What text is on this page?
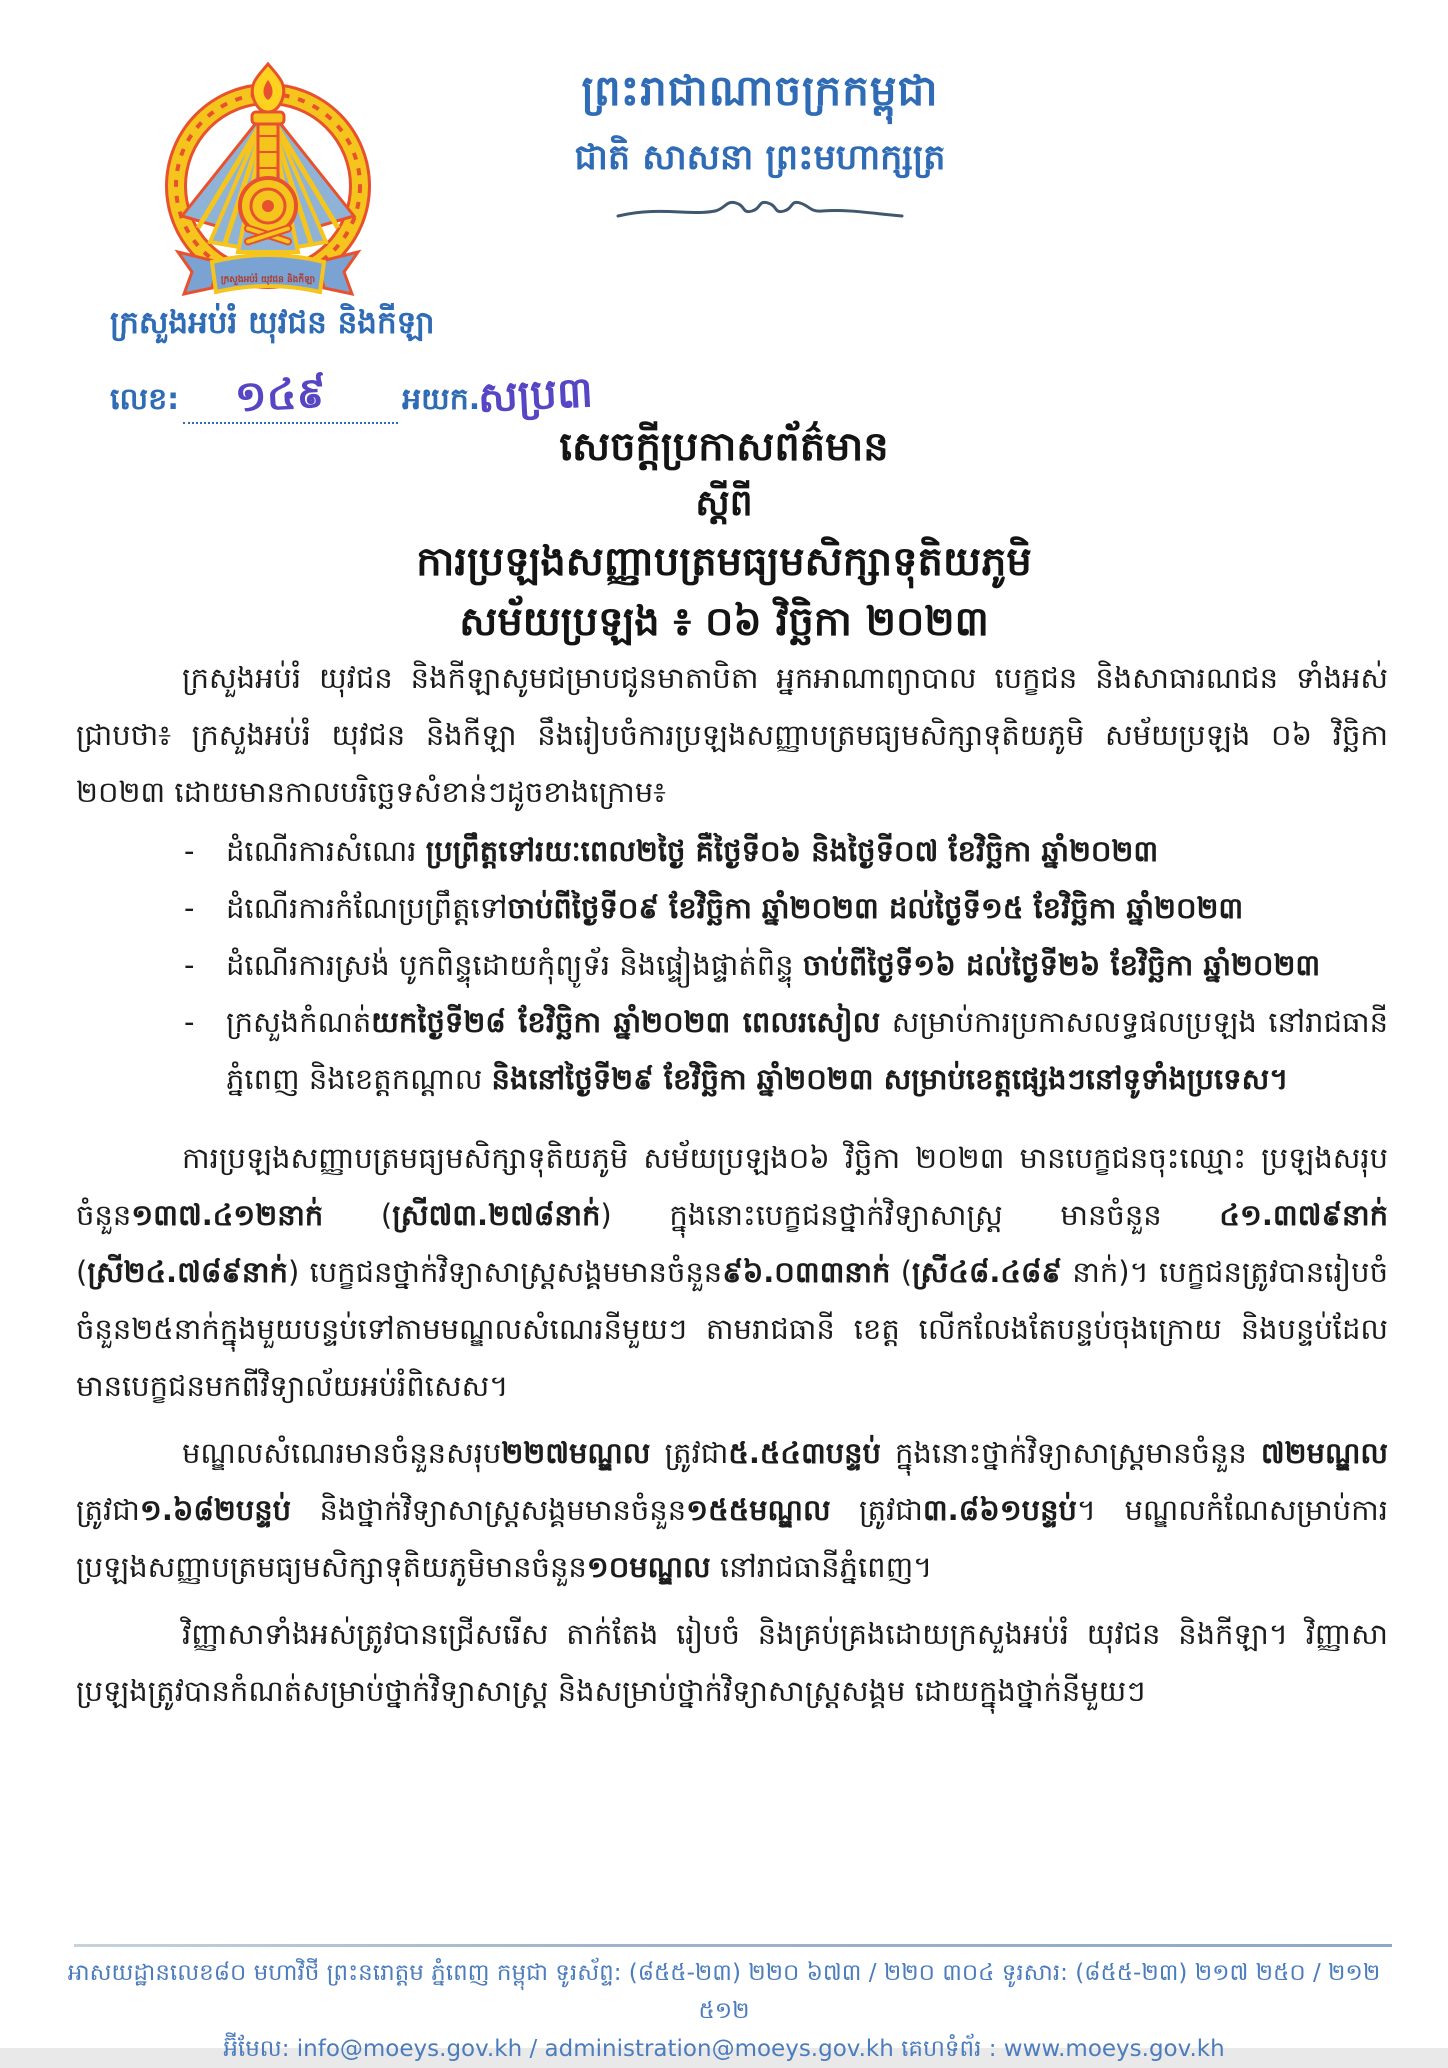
ក្រសួងអប់រំ យុវជន និងកីឡា
ព្រះរាជាណាចក្រកម្ពុជា
ជាតិ សាសនា ព្រះមហាក្សត្រ
ក្រសួងអប់រំ យុវជន និងកីឡា
លេខ: ១៤៩ អយក.
សប្រ៣
សេចក្តីប្រកាសព័ត៌មាន
ស្តីពី
ការប្រឡងសញ្ញាបត្រមធ្យមសិក្សាទុតិយភូមិ
សម័យប្រឡង ៖ ០៦ វិច្ឆិកា ២០២៣

ក្រសួងអប់រំ យុវជន និងកីឡាសូមជម្រាបជូនមាតាបិតា អ្នកអាណាព្យាបាល បេក្ខជន និងសាធារណជន ទាំងអស់ជ្រាបថា៖ ក្រសួងអប់រំ យុវជន និងកីឡា នឹងរៀបចំការប្រឡងសញ្ញាបត្រមធ្យមសិក្សាទុតិយភូមិ សម័យប្រឡង ០៦ វិច្ឆិកា ២០២៣ ដោយមានកាលបរិច្ឆេទសំខាន់ៗដូចខាងក្រោម៖

- ដំណើរការសំណេរ ប្រព្រឹត្តទៅរយៈពេល២ថ្ងៃ គឺថ្ងៃទី០៦ និងថ្ងៃទី០៧ ខែវិច្ឆិកា ឆ្នាំ២០២៣
- ដំណើរការកំណែប្រព្រឹត្តទៅចាប់ពីថ្ងៃទី០៩ ខែវិច្ឆិកា ឆ្នាំ២០២៣ ដល់ថ្ងៃទី១៥ ខែវិច្ឆិកា ឆ្នាំ២០២៣
- ដំណើរការស្រង់ បូកពិន្ទុដោយកុំព្យូទ័រ និងផ្ទៀងផ្ទាត់ពិន្ទុ ចាប់ពីថ្ងៃទី១៦ ដល់ថ្ងៃទី២៦ ខែវិច្ឆិកា ឆ្នាំ២០២៣
- ក្រសួងកំណត់យកថ្ងៃទី២៨ ខែវិច្ឆិកា ឆ្នាំ២០២៣ ពេលរសៀល សម្រាប់ការប្រកាសលទ្ធផលប្រឡង នៅរាជធានីភ្នំពេញ និងខេត្តកណ្តាល និងនៅថ្ងៃទី២៩ ខែវិច្ឆិកា ឆ្នាំ២០២៣ សម្រាប់ខេត្តផ្សេងៗនៅទូទាំងប្រទេស។

ការប្រឡងសញ្ញាបត្រមធ្យមសិក្សាទុតិយភូមិ សម័យប្រឡង០៦ វិច្ឆិកា ២០២៣ មានបេក្ខជនចុះឈ្មោះ ប្រឡងសរុបចំនួន១៣៧.៤១២នាក់ (ស្រី៧៣.២៧៨នាក់) ក្នុងនោះបេក្ខជនថ្នាក់វិទ្យាសាស្ត្រ មានចំនួន ៤១.៣៧៩នាក់ (ស្រី២៤.៧៨៩នាក់) បេក្ខជនថ្នាក់វិទ្យាសាស្ត្រសង្គមមានចំនួន៩៦.០៣៣នាក់ (ស្រី៤៨.៤៨៩ នាក់)។ បេក្ខជនត្រូវបានរៀបចំចំនួន២៥នាក់ក្នុងមួយបន្ទប់ទៅតាមមណ្ឌលសំណេរនីមួយៗ តាមរាជធានី ខេត្ត លើកលែងតែបន្ទប់ចុងក្រោយ និងបន្ទប់ដែលមានបេក្ខជនមកពីវិទ្យាល័យអប់រំពិសេស។

មណ្ឌលសំណេរមានចំនួនសរុប២២៧មណ្ឌល ត្រូវជា៥.៥៤៣បន្ទប់ ក្នុងនោះថ្នាក់វិទ្យាសាស្ត្រមានចំនួន ៧២មណ្ឌល ត្រូវជា១.៦៨២បន្ទប់ និងថ្នាក់វិទ្យាសាស្ត្រសង្គមមានចំនួន១៥៥មណ្ឌល ត្រូវជា៣.៨៦១បន្ទប់។ មណ្ឌលកំណែសម្រាប់ការប្រឡងសញ្ញាបត្រមធ្យមសិក្សាទុតិយភូមិមានចំនួន១០មណ្ឌល នៅរាជធានីភ្នំពេញ។

វិញ្ញាសាទាំងអស់ត្រូវបានជ្រើសរើស តាក់តែង រៀបចំ និងគ្រប់គ្រងដោយក្រសួងអប់រំ យុវជន និងកីឡា។ វិញ្ញាសាប្រឡងត្រូវបានកំណត់សម្រាប់ថ្នាក់វិទ្យាសាស្ត្រ និងសម្រាប់ថ្នាក់វិទ្យាសាស្ត្រសង្គម ដោយក្នុងថ្នាក់នីមួយៗ

អាសយដ្ឋានលេខ៨០ មហាវិថី ព្រះនរោត្តម ភ្នំពេញ កម្ពុជា ទូរស័ព្ទ: (៨៥៥-២៣) ២២០ ៦៧៣ / ២២០ ៣០៤ ទូរសារ: (៨៥៥-២៣) ២១៧ ២៥០ / ២១២ ៥១២
អ៊ីមែល: info@moeys.gov.kh / administration@moeys.gov.kh គេហទំព័រ : www.moeys.gov.kh
